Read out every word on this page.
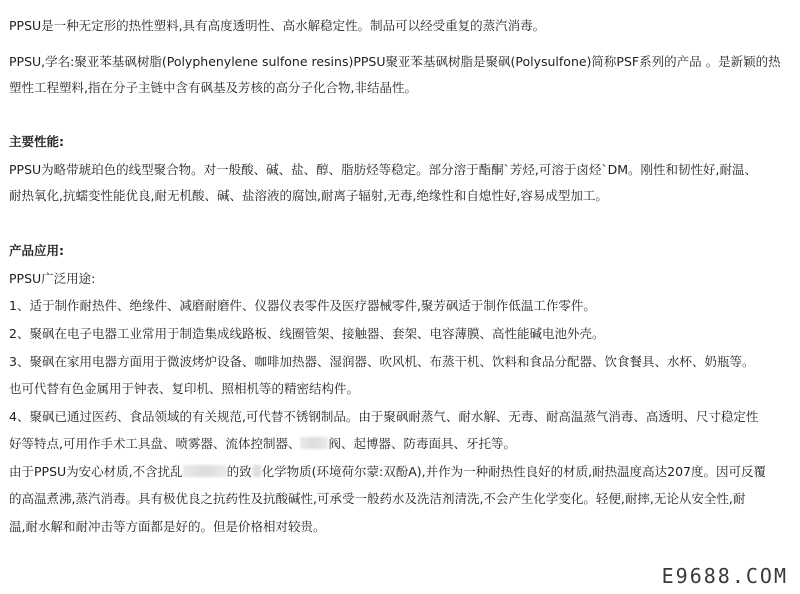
PPSU是一种无定形的热性塑料,具有高度透明性、高水解稳定性。制品可以经受重复的蒸汽消毒。
PPSU,学名:聚亚苯基砜树脂(Polyphenylene sulfone resins)PPSU聚亚苯基砜树脂是聚砜(Polysulfone)简称PSF系列的产品 。是新颖的热
塑性工程塑料,指在分子主链中含有砜基及芳核的高分子化合物,非结晶性。
主要性能:
PPSU为略带琥珀色的线型聚合物。对一般酸、碱、盐、醇、脂肪烃等稳定。部分溶于酯酮`芳烃,可溶于卤烃`DM。刚性和韧性好,耐温、
耐热氧化,抗蠕变性能优良,耐无机酸、碱、盐溶液的腐蚀,耐离子辐射,无毒,绝缘性和自熄性好,容易成型加工。
产品应用:
PPSU广泛用途:
1、适于制作耐热件、绝缘件、减磨耐磨件、仪器仪表零件及医疗器械零件,聚芳砜适于制作低温工作零件。
2、聚砜在电子电器工业常用于制造集成线路板、线圈管架、接触器、套架、电容薄膜、高性能碱电池外壳。
3、聚砜在家用电器方面用于微波烤炉设备、咖啡加热器、湿润器、吹风机、布蒸干机、饮料和食品分配器、饮食餐具、水杯、奶瓶等。
也可代替有色金属用于钟表、复印机、照相机等的精密结构件。
4、聚砜已通过医药、食品领域的有关规范,可代替不锈钢制品。由于聚砜耐蒸气、耐水解、无毒、耐高温蒸气消毒、高透明、尺寸稳定性
好等特点,可用作手术工具盘、喷雾器、流体控制器、 阀、起博器、防毒面具、牙托等。
由于PPSU为安心材质,不含扰乱	的致 化学物质(环境荷尔蒙:双酚A),并作为一种耐热性良好的材质,耐热温度高达207度。因可反覆
的高温煮沸,蒸汽消毒。具有极优良之抗药性及抗酸碱性,可承受一般药水及洗洁剂清洗,不会产生化学变化。轻便,耐摔,无论从安全性,耐
温,耐水解和耐冲击等方面都是好的。但是价格相对较贵。
E9688.COM
